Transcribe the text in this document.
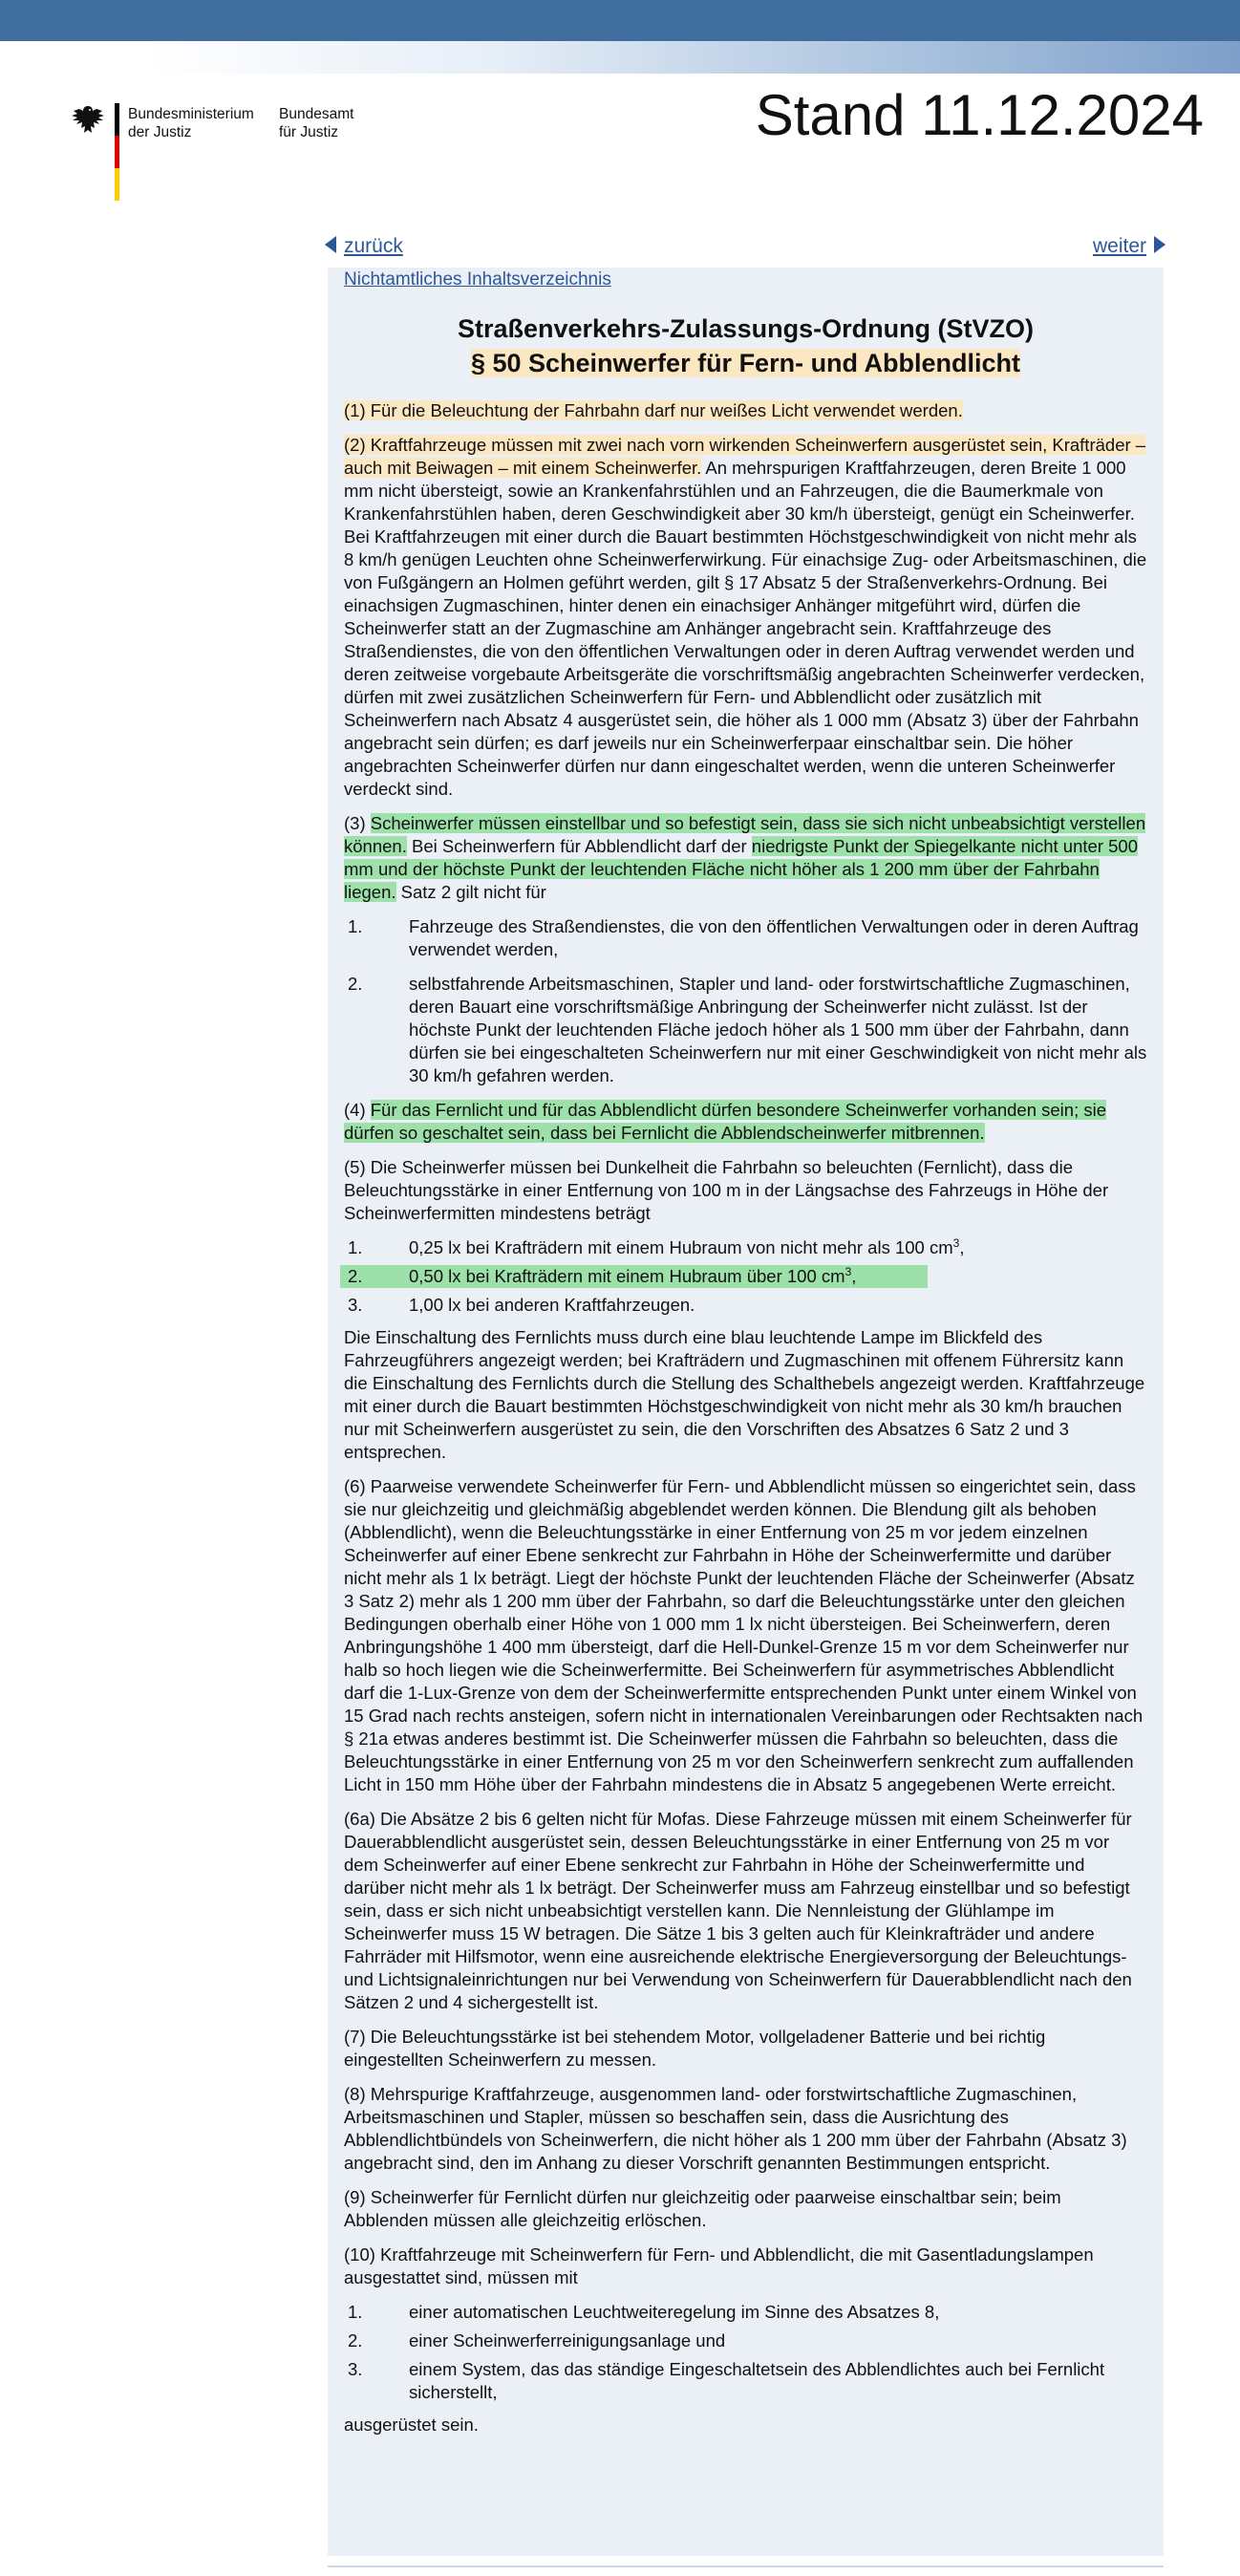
Bundesministerium
der Justiz
Bundesamt
für Justiz	Stand 11.12.2024
zurück	weiter
Nichtamtliches Inhaltsverzeichnis
Straßenverkehrs-Zulassungs-Ordnung (StVZO)
§ 50 Scheinwerfer für Fern- und Abblendlicht

(1) Für die Beleuchtung der Fahrbahn darf nur weißes Licht verwendet werden.

(2) Kraftfahrzeuge müssen mit zwei nach vorn wirkenden Scheinwerfern ausgerüstet sein, Krafträder – auch mit Beiwagen – mit einem Scheinwerfer. An mehrspurigen Kraftfahrzeugen, deren Breite 1 000 mm nicht übersteigt, sowie an Krankenfahrstühlen und an Fahrzeugen, die die Baumerkmale von Krankenfahrstühlen haben, deren Geschwindigkeit aber 30 km/h übersteigt, genügt ein Scheinwerfer. Bei Kraftfahrzeugen mit einer durch die Bauart bestimmten Höchstgeschwindigkeit von nicht mehr als 8 km/h genügen Leuchten ohne Scheinwerferwirkung. Für einachsige Zug- oder Arbeitsmaschinen, die von Fußgängern an Holmen geführt werden, gilt § 17 Absatz 5 der Straßenverkehrs-Ordnung. Bei einachsigen Zugmaschinen, hinter denen ein einachsiger Anhänger mitgeführt wird, dürfen die Scheinwerfer statt an der Zugmaschine am Anhänger angebracht sein. Kraftfahrzeuge des Straßendienstes, die von den öffentlichen Verwaltungen oder in deren Auftrag verwendet werden und deren zeitweise vorgebaute Arbeitsgeräte die vorschriftsmäßig angebrachten Scheinwerfer verdecken, dürfen mit zwei zusätzlichen Scheinwerfern für Fern- und Abblendlicht oder zusätzlich mit Scheinwerfern nach Absatz 4 ausgerüstet sein, die höher als 1 000 mm (Absatz 3) über der Fahrbahn angebracht sein dürfen; es darf jeweils nur ein Scheinwerferpaar einschaltbar sein. Die höher angebrachten Scheinwerfer dürfen nur dann eingeschaltet werden, wenn die unteren Scheinwerfer verdeckt sind.

(3) Scheinwerfer müssen einstellbar und so befestigt sein, dass sie sich nicht unbeabsichtigt verstellen können. Bei Scheinwerfern für Abblendlicht darf der niedrigste Punkt der Spiegelkante nicht unter 500 mm und der höchste Punkt der leuchtenden Fläche nicht höher als 1 200 mm über der Fahrbahn liegen. Satz 2 gilt nicht für

1.	Fahrzeuge des Straßendienstes, die von den öffentlichen Verwaltungen oder in deren Auftrag verwendet werden,
2.	selbstfahrende Arbeitsmaschinen, Stapler und land- oder forstwirtschaftliche Zugmaschinen, deren Bauart eine vorschriftsmäßige Anbringung der Scheinwerfer nicht zulässt. Ist der höchste Punkt der leuchtenden Fläche jedoch höher als 1 500 mm über der Fahrbahn, dann dürfen sie bei eingeschalteten Scheinwerfern nur mit einer Geschwindigkeit von nicht mehr als 30 km/h gefahren werden.

(4) Für das Fernlicht und für das Abblendlicht dürfen besondere Scheinwerfer vorhanden sein; sie dürfen so geschaltet sein, dass bei Fernlicht die Abblendscheinwerfer mitbrennen.

(5) Die Scheinwerfer müssen bei Dunkelheit die Fahrbahn so beleuchten (Fernlicht), dass die Beleuchtungsstärke in einer Entfernung von 100 m in der Längsachse des Fahrzeugs in Höhe der Scheinwerfermitten mindestens beträgt

1.	0,25 lx bei Krafträdern mit einem Hubraum von nicht mehr als 100 $cm^3$,
2.	0,50 lx bei Krafträdern mit einem Hubraum über 100 $cm^3$,
3.	1,00 lx bei anderen Kraftfahrzeugen.

Die Einschaltung des Fernlichts muss durch eine blau leuchtende Lampe im Blickfeld des Fahrzeugführers angezeigt werden; bei Krafträdern und Zugmaschinen mit offenem Führersitz kann die Einschaltung des Fernlichts durch die Stellung des Schalthebels angezeigt werden. Kraftfahrzeuge mit einer durch die Bauart bestimmten Höchstgeschwindigkeit von nicht mehr als 30 km/h brauchen nur mit Scheinwerfern ausgerüstet zu sein, die den Vorschriften des Absatzes 6 Satz 2 und 3 entsprechen.

(6) Paarweise verwendete Scheinwerfer für Fern- und Abblendlicht müssen so eingerichtet sein, dass sie nur gleichzeitig und gleichmäßig abgeblendet werden können. Die Blendung gilt als behoben (Abblendlicht), wenn die Beleuchtungsstärke in einer Entfernung von 25 m vor jedem einzelnen Scheinwerfer auf einer Ebene senkrecht zur Fahrbahn in Höhe der Scheinwerfermitte und darüber nicht mehr als 1 lx beträgt. Liegt der höchste Punkt der leuchtenden Fläche der Scheinwerfer (Absatz 3 Satz 2) mehr als 1 200 mm über der Fahrbahn, so darf die Beleuchtungsstärke unter den gleichen Bedingungen oberhalb einer Höhe von 1 000 mm 1 lx nicht übersteigen. Bei Scheinwerfern, deren Anbringungshöhe 1 400 mm übersteigt, darf die Hell-Dunkel-Grenze 15 m vor dem Scheinwerfer nur halb so hoch liegen wie die Scheinwerfermitte. Bei Scheinwerfern für asymmetrisches Abblendlicht darf die 1-Lux-Grenze von dem der Scheinwerfermitte entsprechenden Punkt unter einem Winkel von 15 Grad nach rechts ansteigen, sofern nicht in internationalen Vereinbarungen oder Rechtsakten nach § 21a etwas anderes bestimmt ist. Die Scheinwerfer müssen die Fahrbahn so beleuchten, dass die Beleuchtungsstärke in einer Entfernung von 25 m vor den Scheinwerfern senkrecht zum auffallenden Licht in 150 mm Höhe über der Fahrbahn mindestens die in Absatz 5 angegebenen Werte erreicht.

(6a) Die Absätze 2 bis 6 gelten nicht für Mofas. Diese Fahrzeuge müssen mit einem Scheinwerfer für Dauerabblendlicht ausgerüstet sein, dessen Beleuchtungsstärke in einer Entfernung von 25 m vor dem Scheinwerfer auf einer Ebene senkrecht zur Fahrbahn in Höhe der Scheinwerfermitte und darüber nicht mehr als 1 lx beträgt. Der Scheinwerfer muss am Fahrzeug einstellbar und so befestigt sein, dass er sich nicht unbeabsichtigt verstellen kann. Die Nennleistung der Glühlampe im Scheinwerfer muss 15 W betragen. Die Sätze 1 bis 3 gelten auch für Kleinkrafträder und andere Fahrräder mit Hilfsmotor, wenn eine ausreichende elektrische Energieversorgung der Beleuchtungs- und Lichtsignaleinrichtungen nur bei Verwendung von Scheinwerfern für Dauerabblendlicht nach den Sätzen 2 und 4 sichergestellt ist.

(7) Die Beleuchtungsstärke ist bei stehendem Motor, vollgeladener Batterie und bei richtig eingestellten Scheinwerfern zu messen.

(8) Mehrspurige Kraftfahrzeuge, ausgenommen land- oder forstwirtschaftliche Zugmaschinen, Arbeitsmaschinen und Stapler, müssen so beschaffen sein, dass die Ausrichtung des Abblendlichtbündels von Scheinwerfern, die nicht höher als 1 200 mm über der Fahrbahn (Absatz 3) angebracht sind, den im Anhang zu dieser Vorschrift genannten Bestimmungen entspricht.

(9) Scheinwerfer für Fernlicht dürfen nur gleichzeitig oder paarweise einschaltbar sein; beim Abblenden müssen alle gleichzeitig erlöschen.

(10) Kraftfahrzeuge mit Scheinwerfern für Fern- und Abblendlicht, die mit Gasentladungslampen ausgestattet sind, müssen mit

1.	einer automatischen Leuchtweiteregelung im Sinne des Absatzes 8,
2.	einer Scheinwerferreinigungsanlage und
3.	einem System, das das ständige Eingeschaltetsein des Abblendlichtes auch bei Fernlicht sicherstellt,

ausgerüstet sein.
